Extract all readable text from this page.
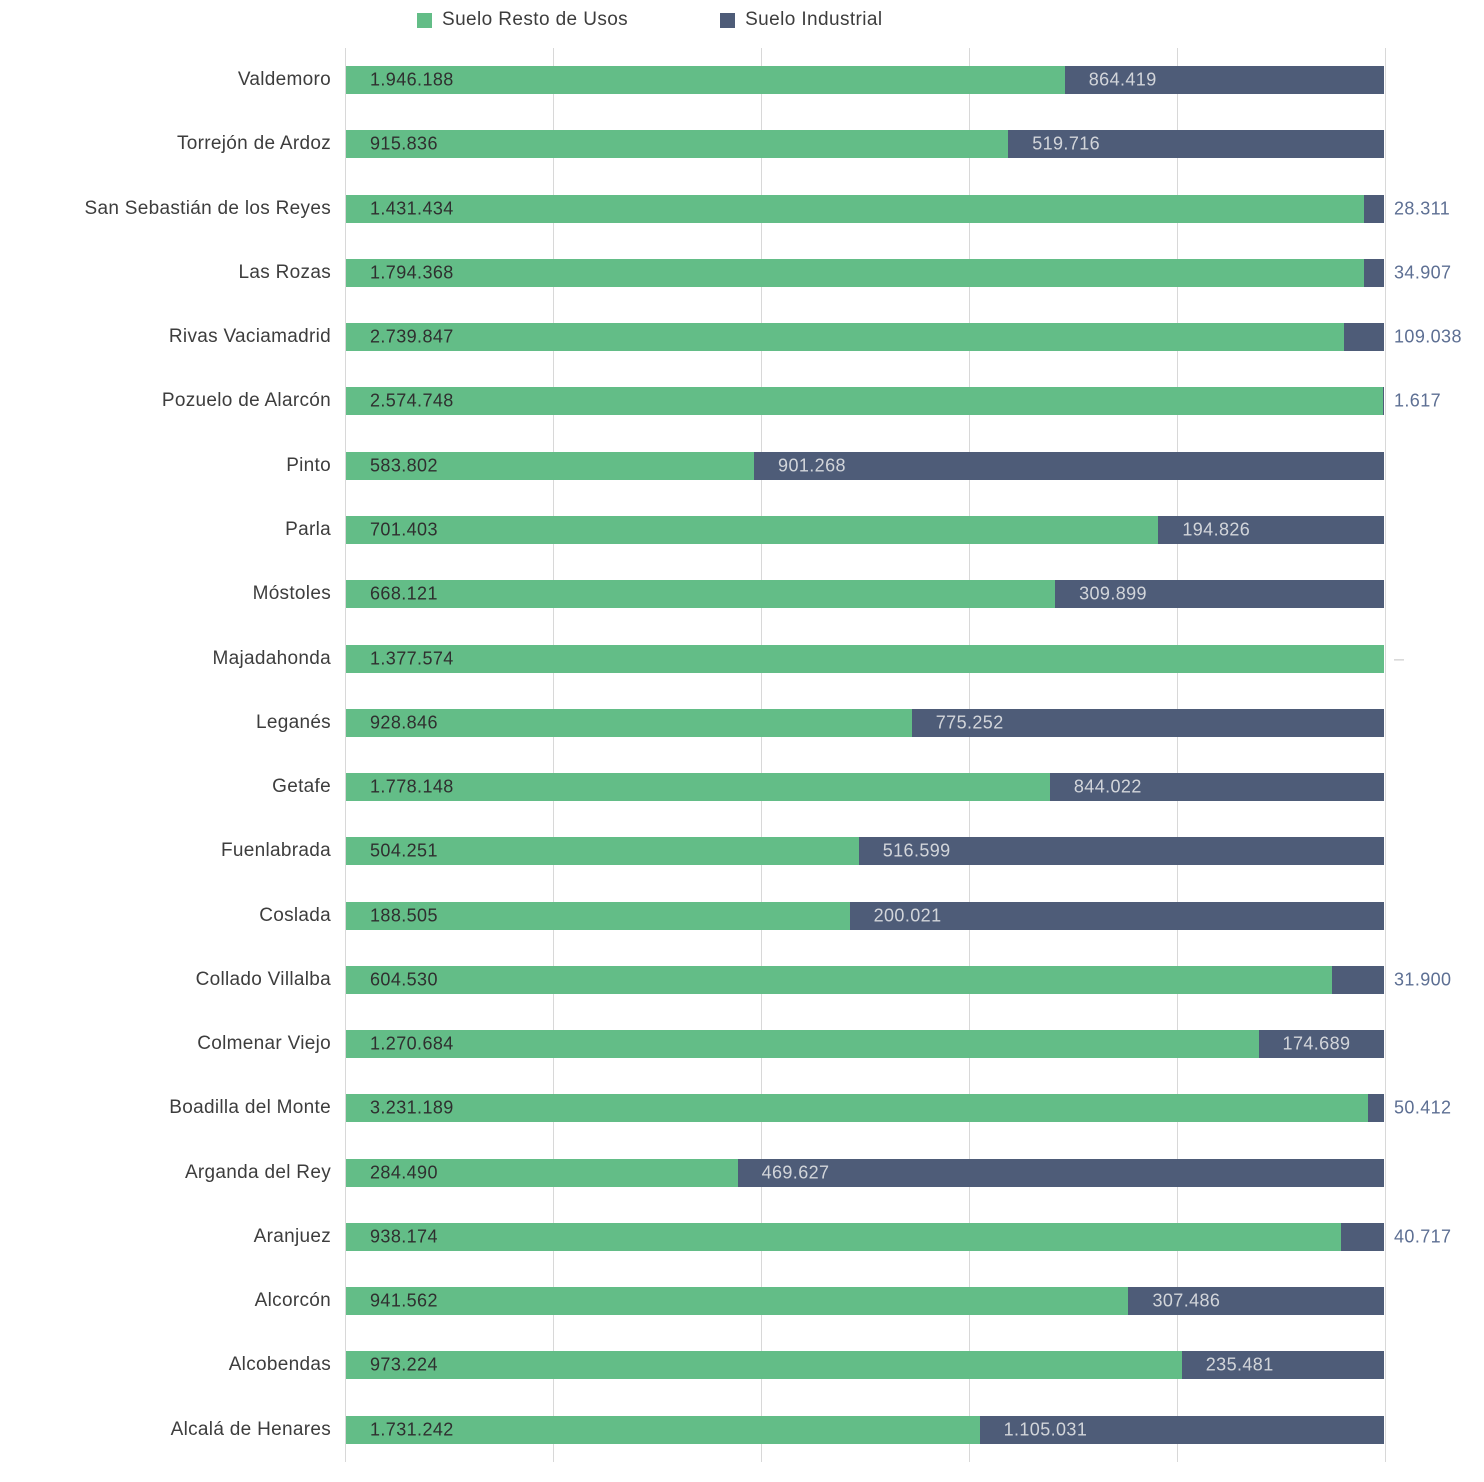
Suelo Resto de Usos	Suelo Industrial
Valdemoro 1.946.188	864.419
Torrejón de Ardoz 915.836	519.716
San Sebastián de los Reyes 1.431.434	28.311
Las Rozas 1.794.368	34.907
Rivas Vaciamadrid 2.739.847	109.038
Pozuelo de Alarcón 2.574.748	1.617
Pinto 583.802	901.268
Parla 701.403	194.826
Móstoles 668.121	309.899
Majadahonda 1.377.574	–
Leganés 928.846	775.252
Getafe 1.778.148	844.022
Fuenlabrada 504.251	516.599
Coslada 188.505	200.021
Collado Villalba 604.530	31.900
Colmenar Viejo 1.270.684	174.689
Boadilla del Monte 3.231.189	50.412
Arganda del Rey 284.490	469.627
Aranjuez 938.174	40.717
Alcorcón 941.562	307.486
Alcobendas 973.224	235.481
Alcalá de Henares 1.731.242	1.105.031
